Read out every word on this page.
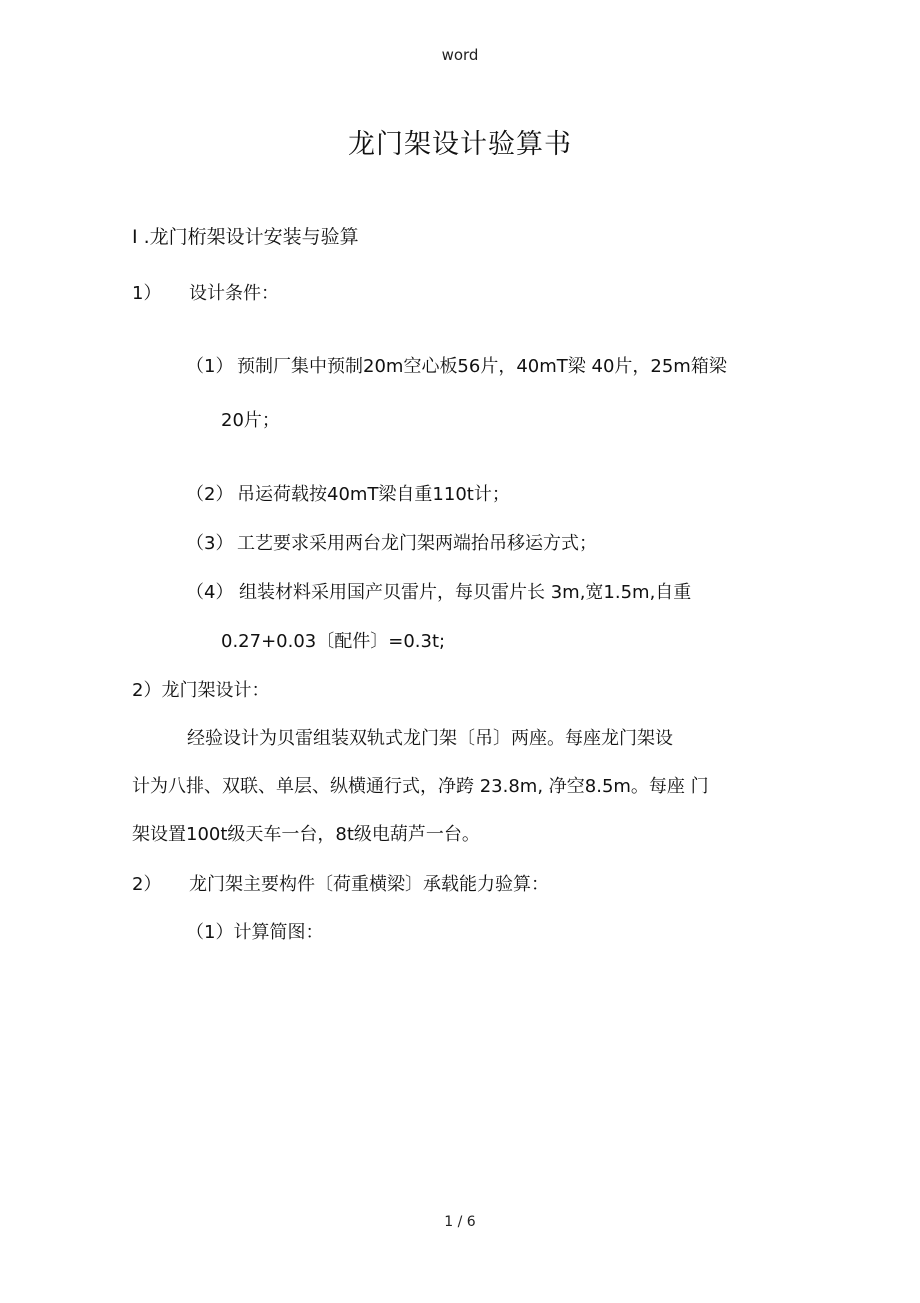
word
龙门架设计验算书
I .龙门桁架设计安装与验算
1） 设计条件：
（1） 预制厂集中预制20m空心板56片，40mT梁 40片，25m箱梁
20片；
（2） 吊运荷载按40mT梁自重110t计；
（3） 工艺要求采用两台龙门架两端抬吊移运方式；
（4） 组装材料采用国产贝雷片，每贝雷片长 3m,宽1.5m,自重
0.27+0.03〔配件〕=0.3t;
2）龙门架设计：
经验设计为贝雷组装双轨式龙门架〔吊〕两座。每座龙门架设
计为八排、双联、单层、纵横通行式，净跨 23.8m, 净空8.5m。每座 门
架设置100t级天车一台，8t级电葫芦一台。
2） 龙门架主要构件〔荷重横梁〕承载能力验算：
（1）计算简图：
1 / 6
